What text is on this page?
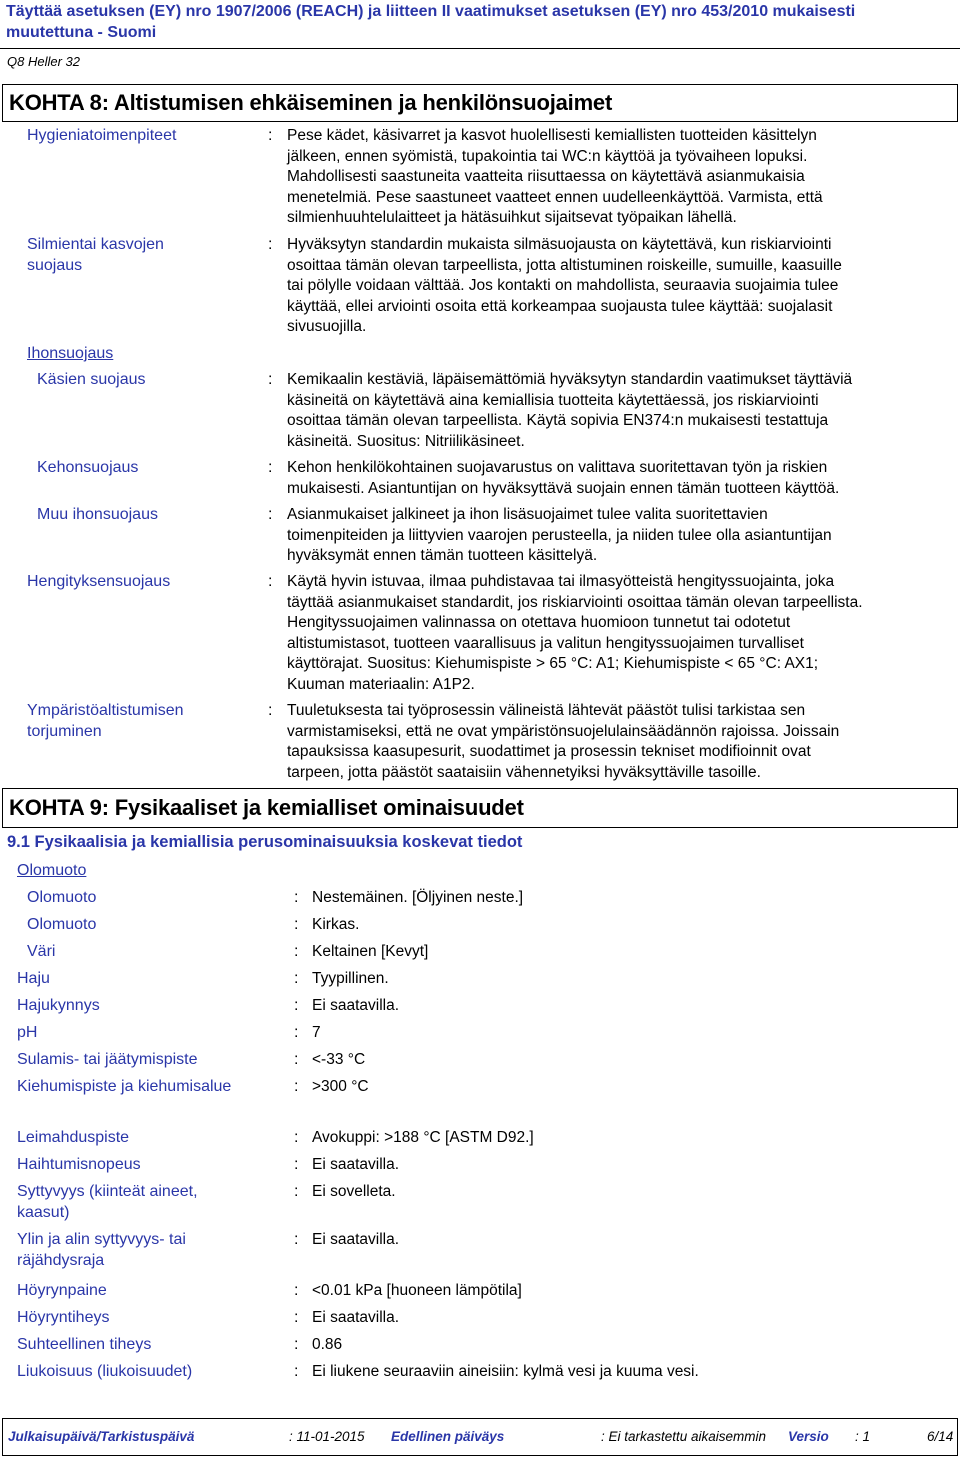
Täyttää asetuksen (EY) nro 1907/2006 (REACH) ja liitteen II vaatimukset asetuksen (EY) nro 453/2010 mukaisesti
muutettuna - Suomi
Q8 Heller 32
KOHTA 8: Altistumisen ehkäiseminen ja henkilönsuojaimet
Hygieniatoimenpiteet	: Pese kädet, käsivarret ja kasvot huolellisesti kemiallisten tuotteiden käsittelyn
jälkeen, ennen syömistä, tupakointia tai WC:n käyttöä ja työvaiheen lopuksi.
Mahdollisesti saastuneita vaatteita riisuttaessa on käytettävä asianmukaisia
menetelmiä. Pese saastuneet vaatteet ennen uudelleenkäyttöä. Varmista, että
silmienhuuhtelulaitteet ja hätäsuihkut sijaitsevat työpaikan lähellä.
Silmientai kasvojen
suojaus
: Hyväksytyn standardin mukaista silmäsuojausta on käytettävä, kun riskiarviointi
osoittaa tämän olevan tarpeellista, jotta altistuminen roiskeille, sumuille, kaasuille
tai pölylle voidaan välttää. Jos kontakti on mahdollista, seuraavia suojaimia tulee
käyttää, ellei arviointi osoita että korkeampaa suojausta tulee käyttää: suojalasit
sivusuojilla.
Ihonsuojaus
Käsien suojaus	: Kemikaalin kestäviä, läpäisemättömiä hyväksytyn standardin vaatimukset täyttäviä
käsineitä on käytettävä aina kemiallisia tuotteita käytettäessä, jos riskiarviointi
osoittaa tämän olevan tarpeellista. Käytä sopivia EN374:n mukaisesti testattuja
käsineitä. Suositus: Nitriilikäsineet.
Kehonsuojaus	: Kehon henkilökohtainen suojavarustus on valittava suoritettavan työn ja riskien
mukaisesti. Asiantuntijan on hyväksyttävä suojain ennen tämän tuotteen käyttöä.
Muu ihonsuojaus	: Asianmukaiset jalkineet ja ihon lisäsuojaimet tulee valita suoritettavien
toimenpiteiden ja liittyvien vaarojen perusteella, ja niiden tulee olla asiantuntijan
hyväksymät ennen tämän tuotteen käsittelyä.
Hengityksensuojaus	: Käytä hyvin istuvaa, ilmaa puhdistavaa tai ilmasyötteistä hengityssuojainta, joka
täyttää asianmukaiset standardit, jos riskiarviointi osoittaa tämän olevan tarpeellista.
Hengityssuojaimen valinnassa on otettava huomioon tunnetut tai odotetut
altistumistasot, tuotteen vaarallisuus ja valitun hengityssuojaimen turvalliset
käyttörajat. Suositus: Kiehumispiste > 65 °C: A1; Kiehumispiste < 65 °C: AX1;
Kuuman materiaalin: A1P2.
Ympäristöaltistumisen
torjuminen
: Tuuletuksesta tai työprosessin välineistä lähtevät päästöt tulisi tarkistaa sen
varmistamiseksi, että ne ovat ympäristönsuojelulainsäädännön rajoissa. Joissain
tapauksissa kaasupesurit, suodattimet ja prosessin tekniset modifioinnit ovat
tarpeen, jotta päästöt saataisiin vähennetyiksi hyväksyttäville tasoille.
KOHTA 9: Fysikaaliset ja kemialliset ominaisuudet
9.1 Fysikaalisia ja kemiallisia perusominaisuuksia koskevat tiedot
Olomuoto
Olomuoto	: Nestemäinen. [Öljyinen neste.]
Olomuoto	: Kirkas.
Väri	: Keltainen [Kevyt]
Haju	: Tyypillinen.
Hajukynnys	: Ei saatavilla.
pH	: 7
Sulamis- tai jäätymispiste	: <-33 °C
Kiehumispiste ja kiehumisalue	: >300 °C
Leimahduspiste	: Avokuppi: >188 °C [ASTM D92.]
Haihtumisnopeus	: Ei saatavilla.
Syttyvyys (kiinteät aineet,
kaasut)
: Ei sovelleta.
Ylin ja alin syttyvyys- tai
räjähdysraja
: Ei saatavilla.
Höyrynpaine	: <0.01 kPa [huoneen lämpötila]
Höyryntiheys	: Ei saatavilla.
Suhteellinen tiheys	: 0.86
Liukoisuus (liukoisuudet)	: Ei liukene seuraaviin aineisiin: kylmä vesi ja kuuma vesi.
Julkaisupäivä/Tarkistuspäivä	: 11-01-2015 Edellinen päiväys	: Ei tarkastettu aikaisemmin Versio : 1	6/14
